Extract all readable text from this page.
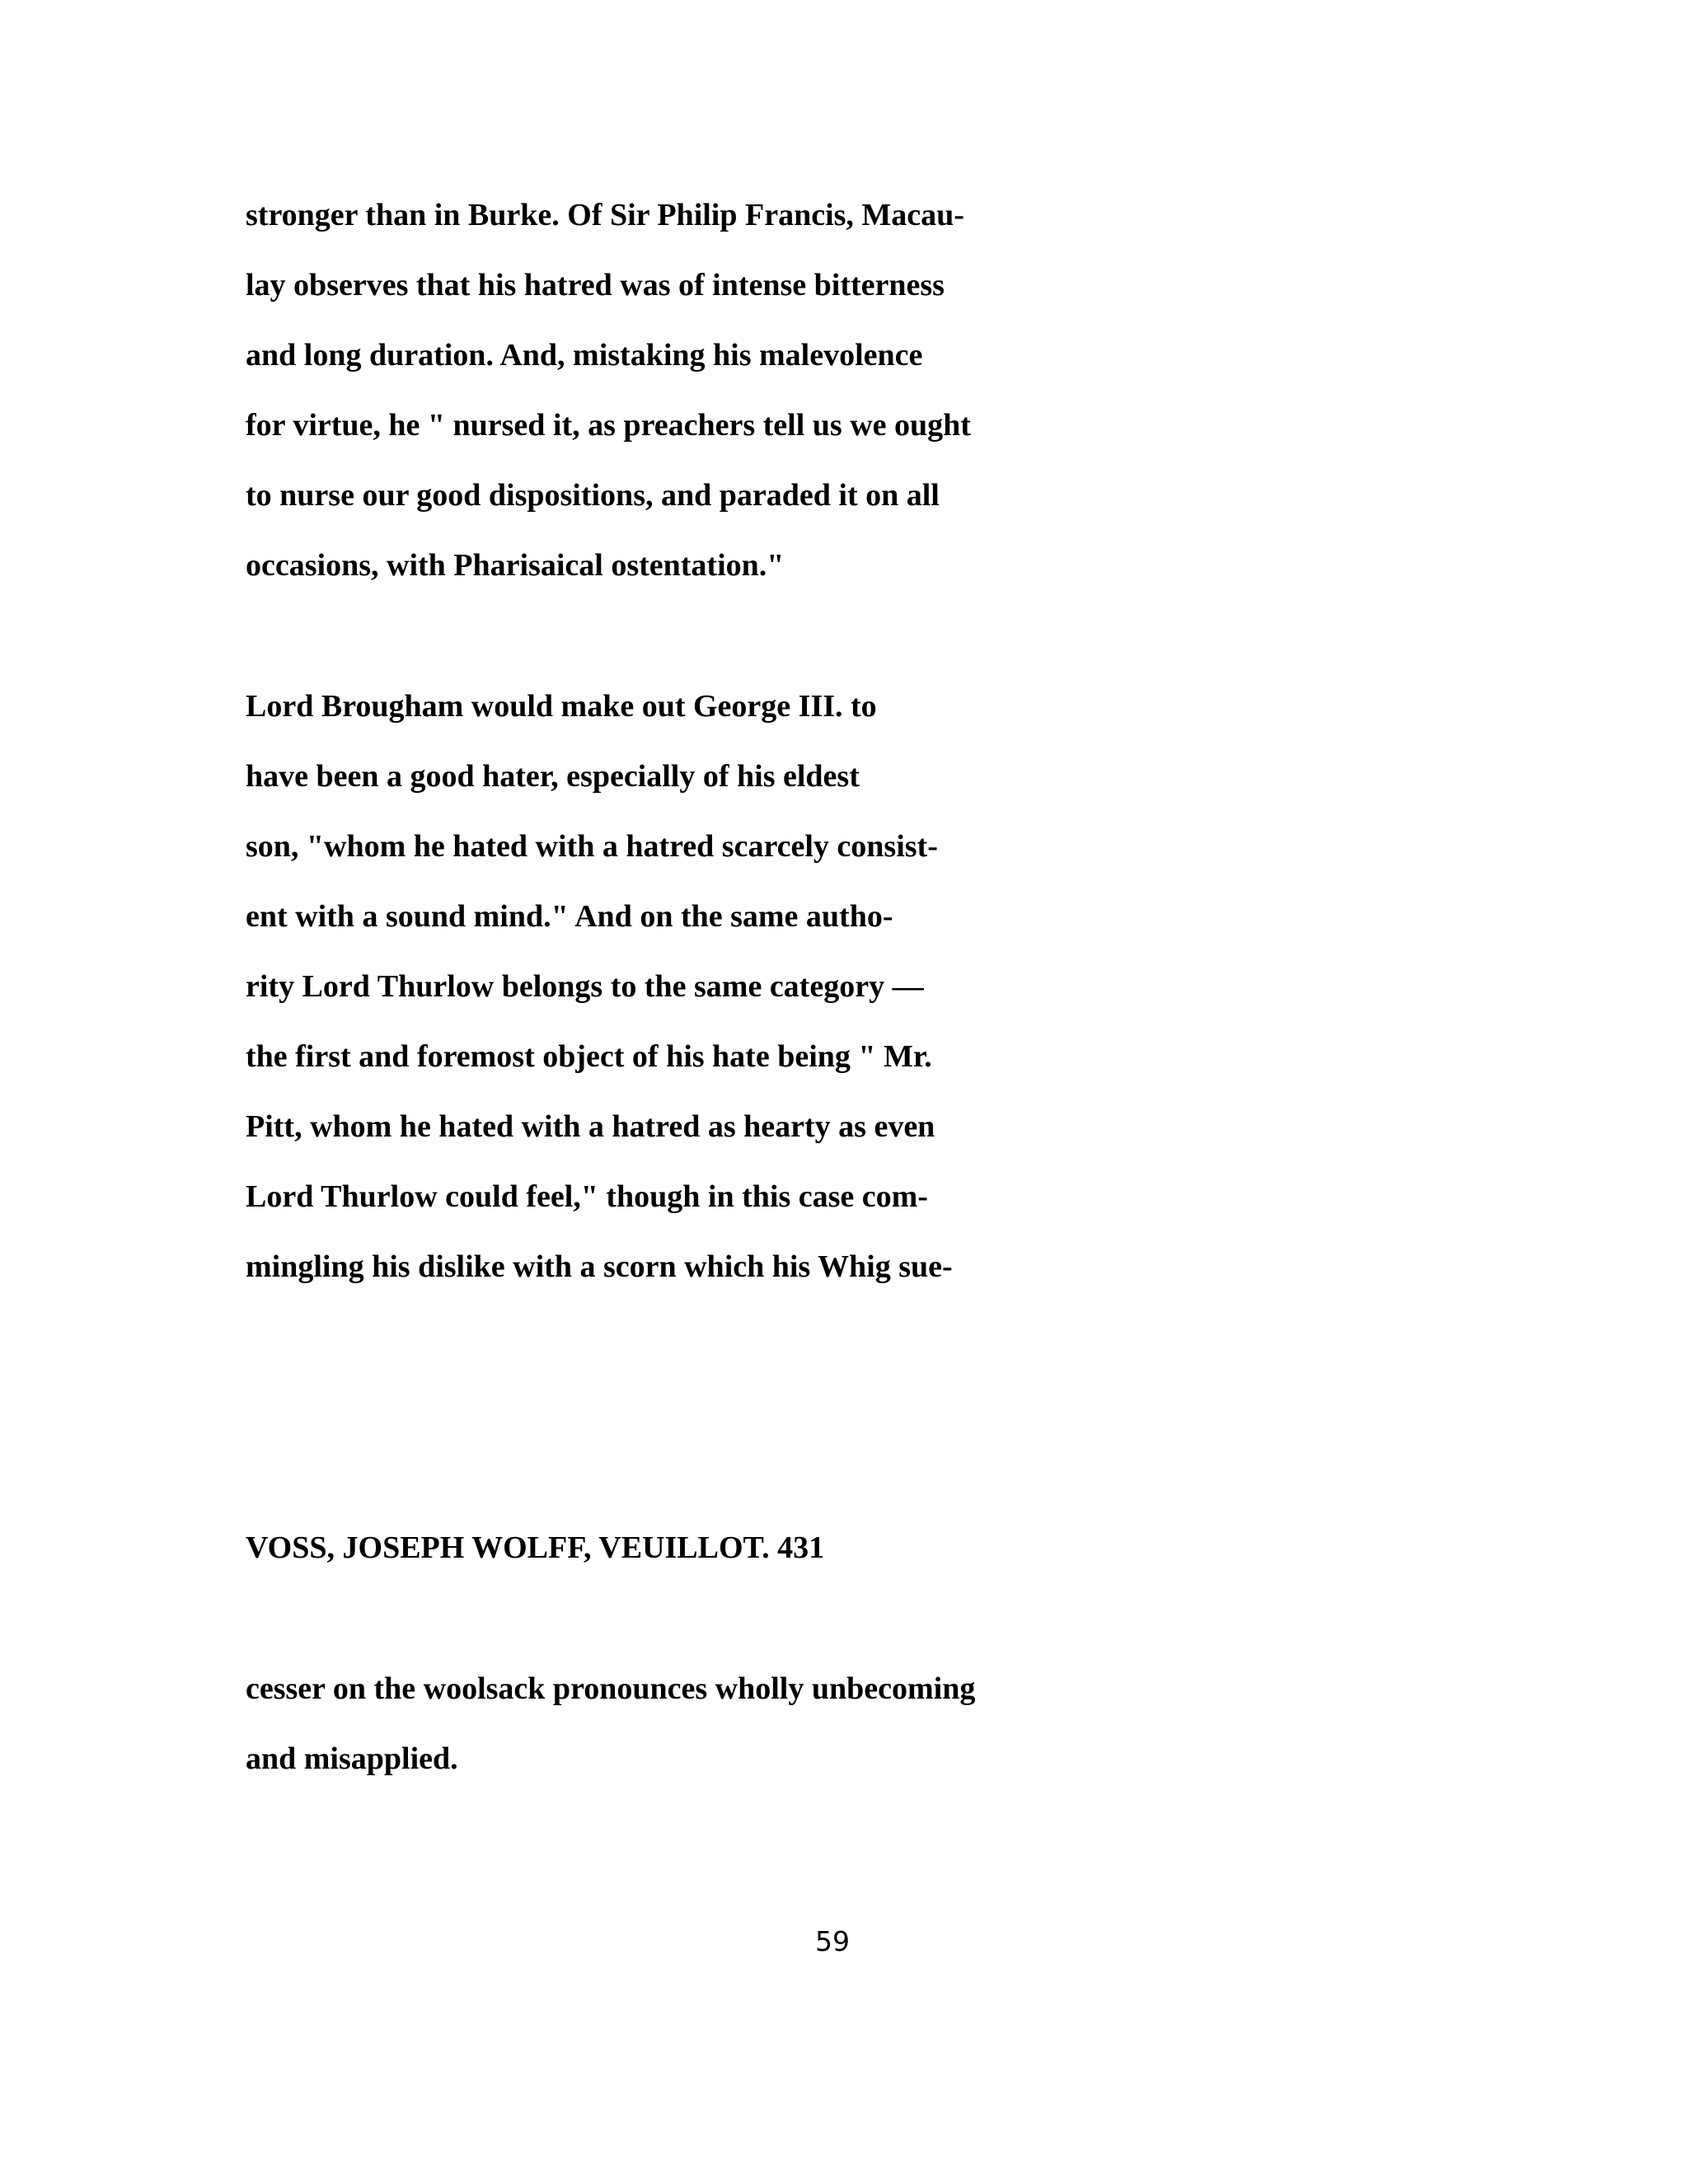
stronger than in Burke. Of Sir Philip Francis, Macau-

lay observes that his hatred was of intense bitterness

and long duration. And, mistaking his malevolence

for virtue, he " nursed it, as preachers tell us we ought

to nurse our good dispositions, and paraded it on all

occasions, with Pharisaical ostentation."

Lord Brougham would make out George III. to

have been a good hater, especially of his eldest

son, "whom he hated with a hatred scarcely consist-

ent with a sound mind." And on the same autho-

rity Lord Thurlow belongs to the same category —

the first and foremost object of his hate being " Mr.

Pitt, whom he hated with a hatred as hearty as even

Lord Thurlow could feel," though in this case com-

mingling his dislike with a scorn which his Whig sue-

VOSS, JOSEPH WOLFF, VEUILLOT. 431

cesser on the woolsack pronounces wholly unbecoming

and misapplied.

59
